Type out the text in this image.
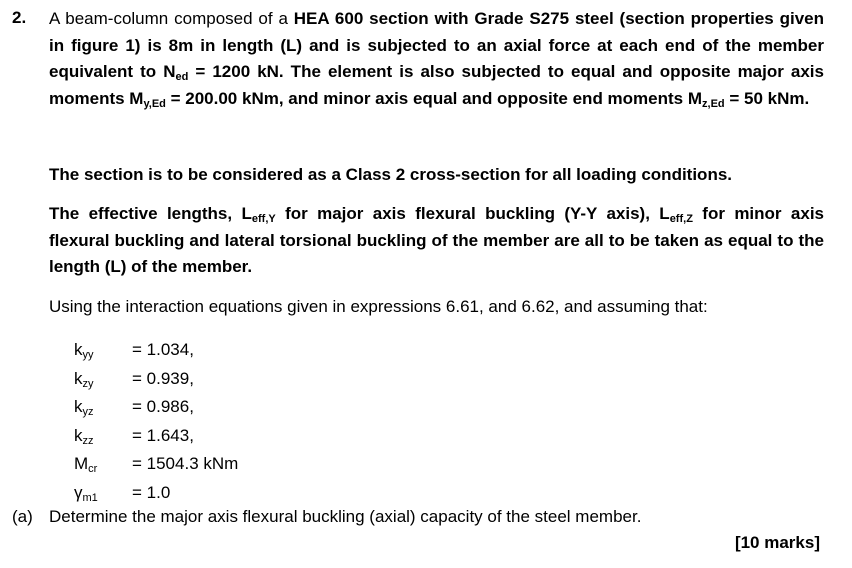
2. A beam-column composed of a HEA 600 section with Grade S275 steel (section properties given in figure 1) is 8m in length (L) and is subjected to an axial force at each end of the member equivalent to $N_{ed} = 1200$ kN. The element is also subjected to equal and opposite major axis moments $M_{y,Ed} = 200.00$ kNm, and minor axis equal and opposite end moments $M_{z,Ed} = 50$ kNm.
The section is to be considered as a Class 2 cross-section for all loading conditions.
The effective lengths, $L_{eff,Y}$ for major axis flexural buckling (Y-Y axis), $L_{eff,Z}$ for minor axis flexural buckling and lateral torsional buckling of the member are all to be taken as equal to the length (L) of the member.
Using the interaction equations given in expressions 6.61, and 6.62, and assuming that:
$k_{yy} = 1.034$,
$k_{zy} = 0.939$,
$k_{yz} = 0.986$,
$k_{zz} = 1.643$,
$M_{cr} = 1504.3$ kNm
$\gamma_{m1} = 1.0$
(a) Determine the major axis flexural buckling (axial) capacity of the steel member.
[10 marks]
